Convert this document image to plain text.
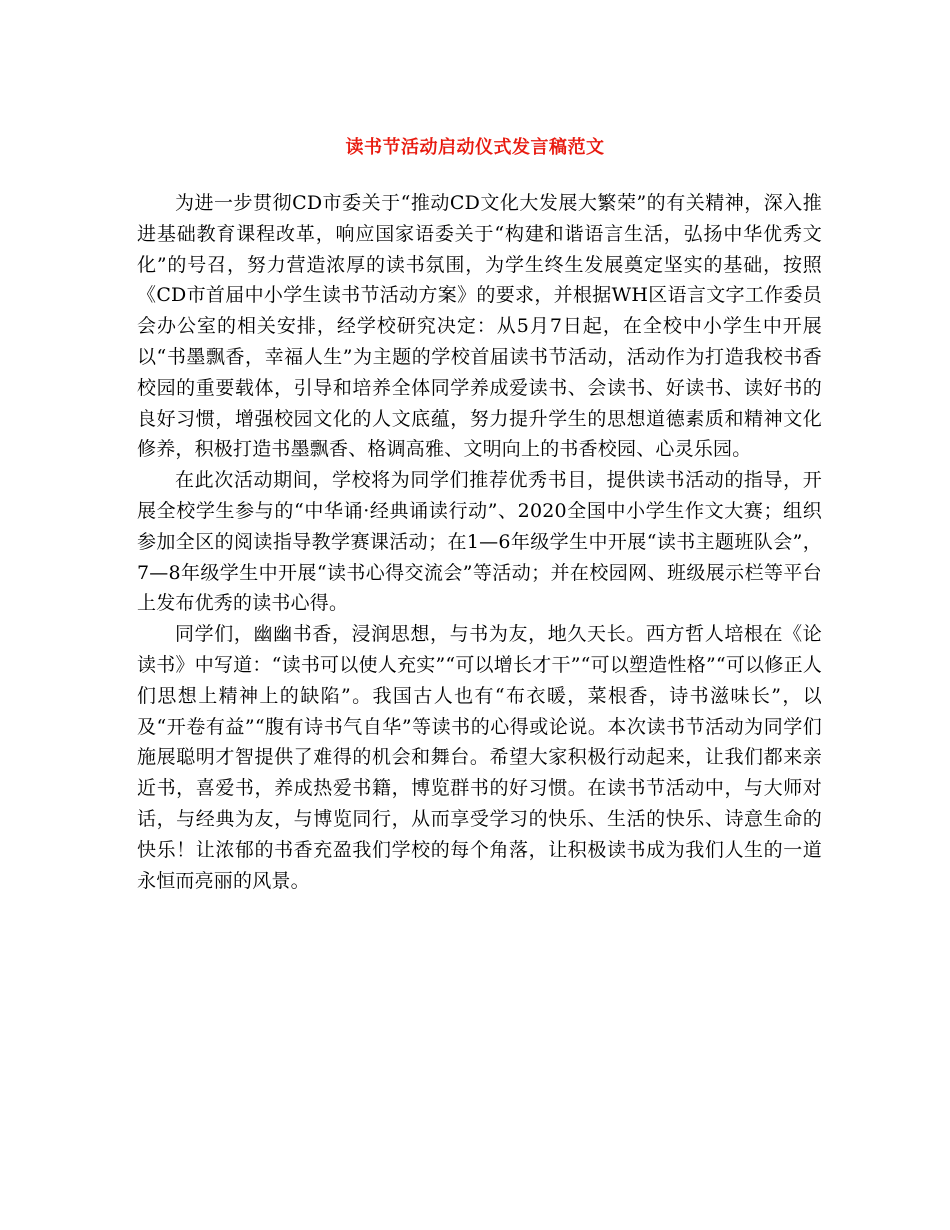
读书节活动启动仪式发言稿范文

为进一步贯彻CD市委关于“推动CD文化大发展大繁荣”的有关精神，深入推进基础教育课程改革，响应国家语委关于“构建和谐语言生活，弘扬中华优秀文化”的号召，努力营造浓厚的读书氛围，为学生终生发展奠定坚实的基础，按照《CD市首届中小学生读书节活动方案》的要求，并根据WH区语言文字工作委员会办公室的相关安排，经学校研究决定：从5月7日起，在全校中小学生中开展以“书墨飘香，幸福人生”为主题的学校首届读书节活动，活动作为打造我校书香校园的重要载体，引导和培养全体同学养成爱读书、会读书、好读书、读好书的良好习惯，增强校园文化的人文底蕴，努力提升学生的思想道德素质和精神文化修养，积极打造书墨飘香、格调高雅、文明向上的书香校园、心灵乐园。

在此次活动期间，学校将为同学们推荐优秀书目，提供读书活动的指导，开展全校学生参与的“中华诵·经典诵读行动”、2020全国中小学生作文大赛；组织参加全区的阅读指导教学赛课活动；在1—6年级学生中开展“读书主题班队会”，7—8年级学生中开展“读书心得交流会”等活动；并在校园网、班级展示栏等平台上发布优秀的读书心得。

同学们，幽幽书香，浸润思想，与书为友，地久天长。西方哲人培根在《论读书》中写道：“读书可以使人充实”“可以增长才干”“可以塑造性格”“可以修正人们思想上精神上的缺陷”。我国古人也有“布衣暖，菜根香，诗书滋味长”，以及“开卷有益”“腹有诗书气自华”等读书的心得或论说。本次读书节活动为同学们施展聪明才智提供了难得的机会和舞台。希望大家积极行动起来，让我们都来亲近书，喜爱书，养成热爱书籍，博览群书的好习惯。在读书节活动中，与大师对话，与经典为友，与博览同行，从而享受学习的快乐、生活的快乐、诗意生命的快乐！让浓郁的书香充盈我们学校的每个角落，让积极读书成为我们人生的一道永恒而亮丽的风景。
